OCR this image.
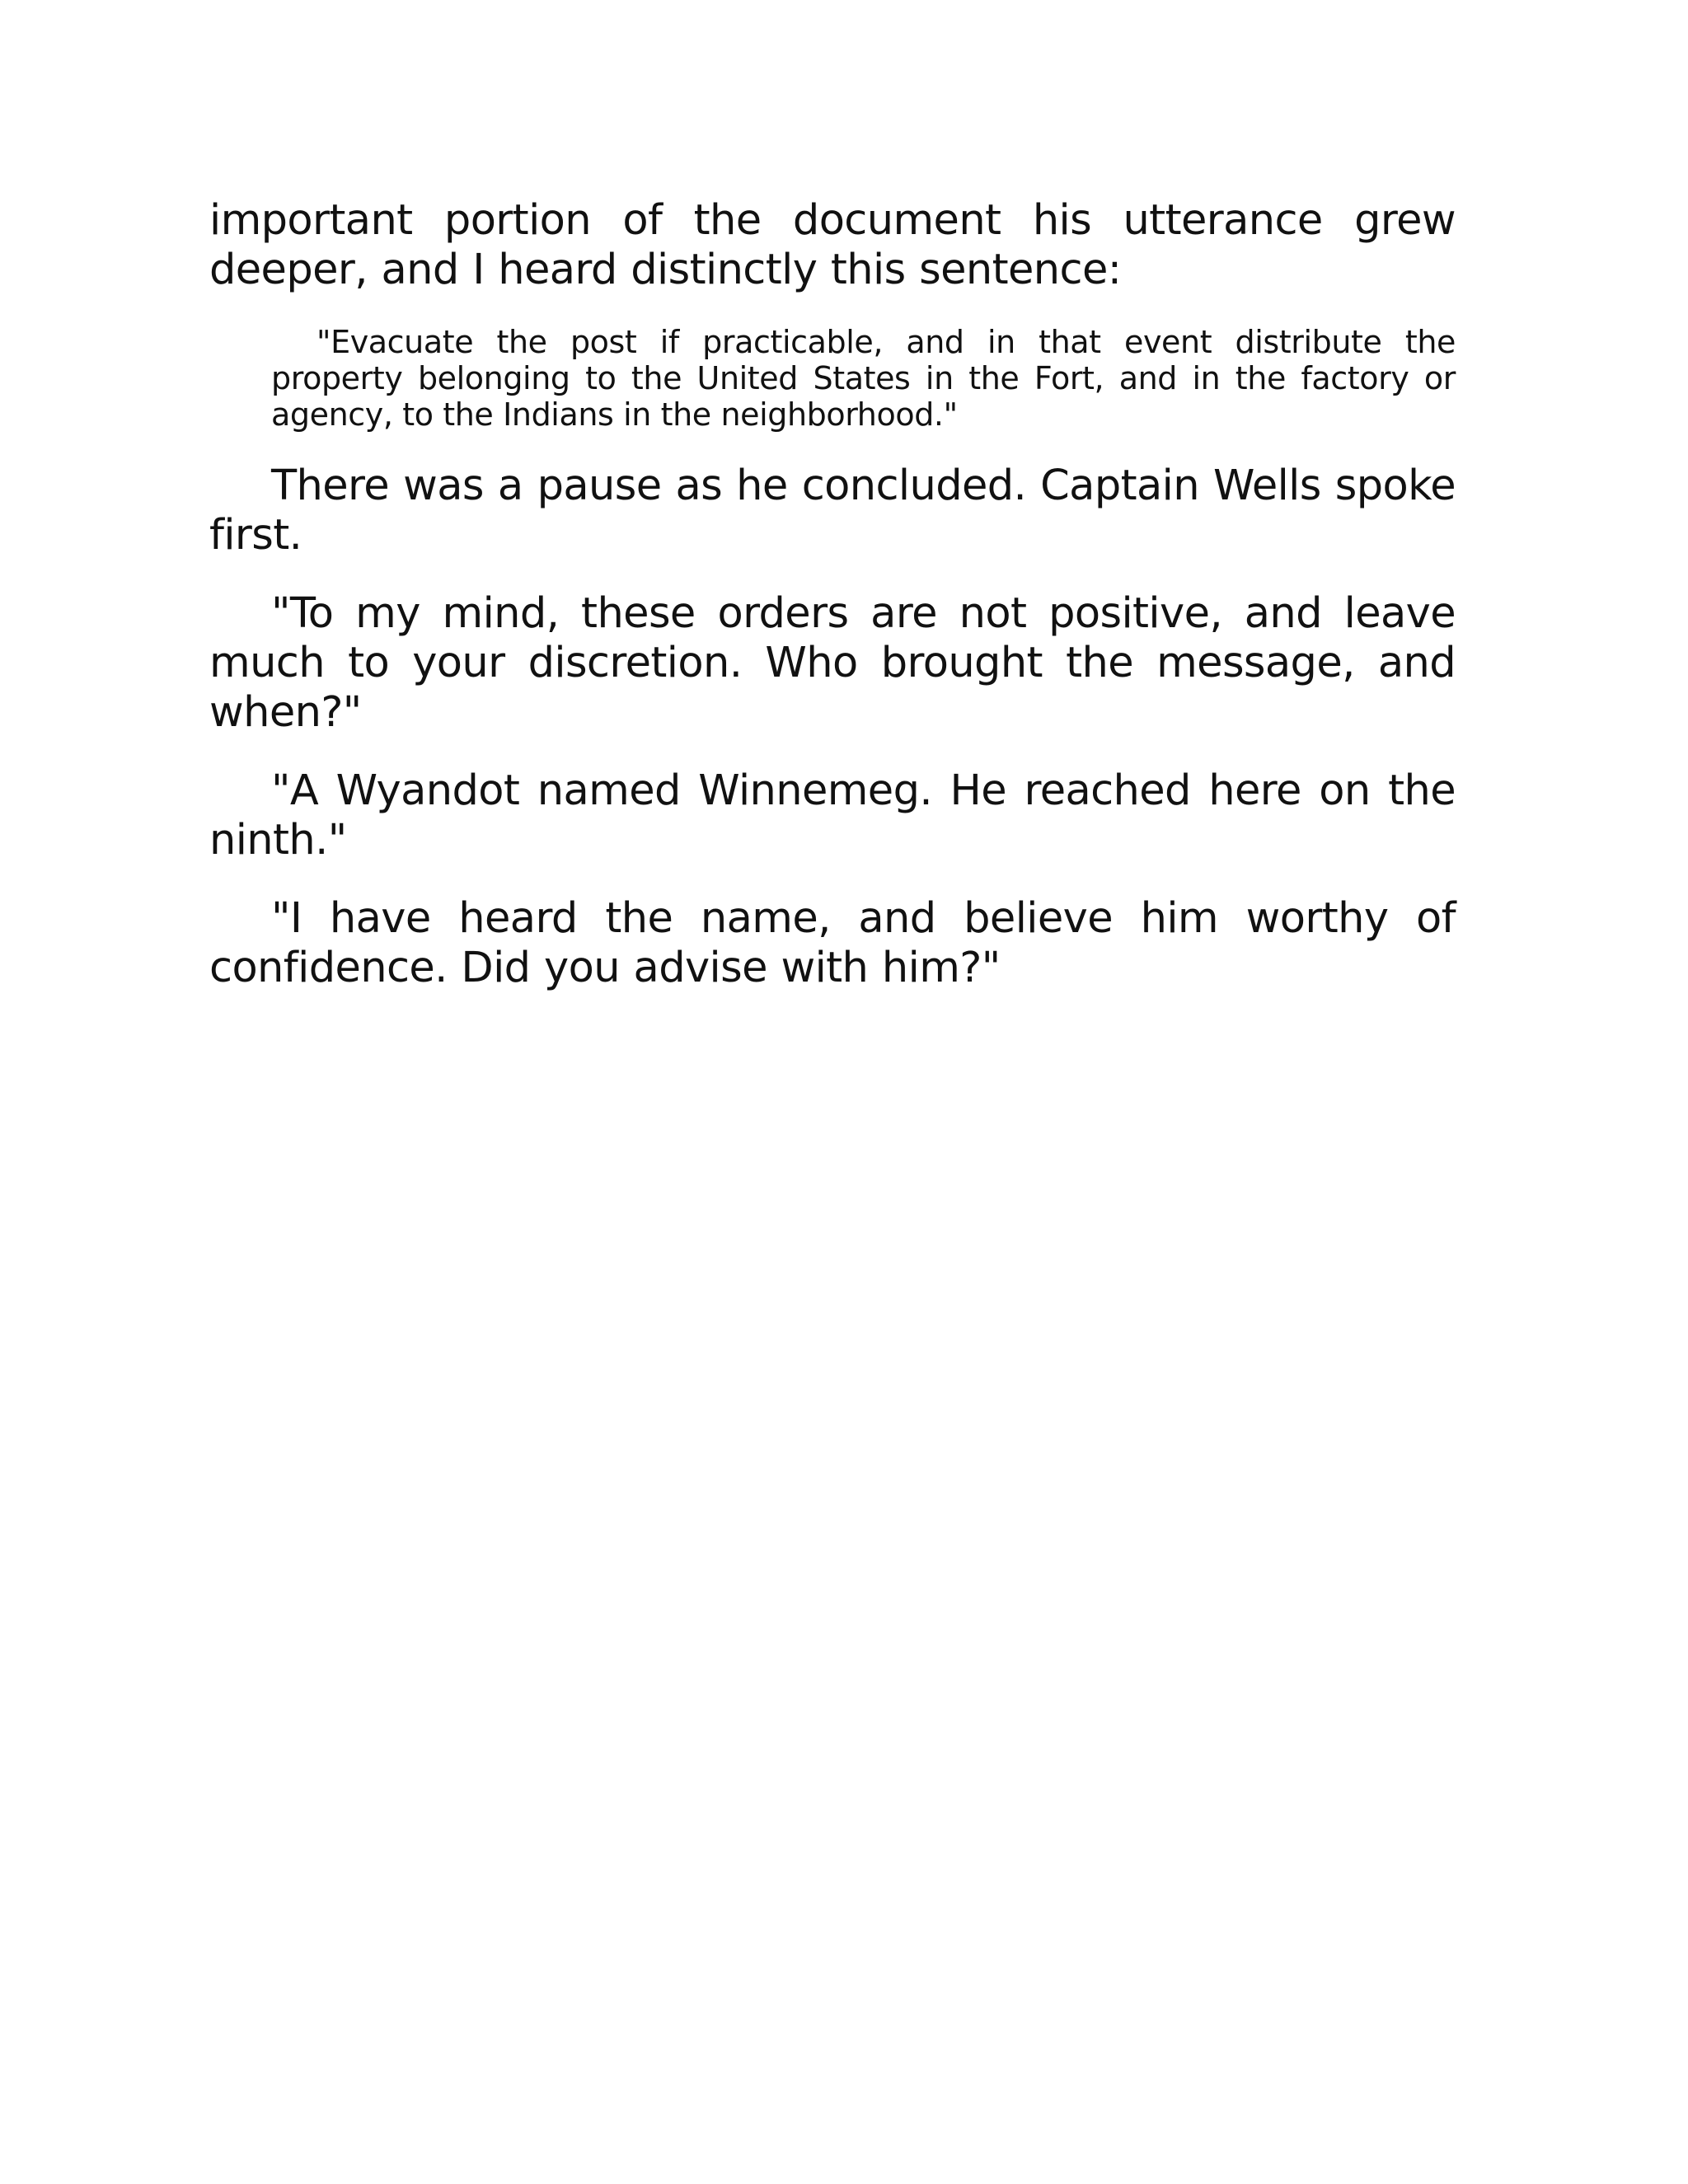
important portion of the document his utterance grew deeper, and I heard distinctly this sentence:

"Evacuate the post if practicable, and in that event distribute the property belonging to the United States in the Fort, and in the factory or agency, to the Indians in the neighborhood."

There was a pause as he concluded. Captain Wells spoke first.

"To my mind, these orders are not positive, and leave much to your discretion. Who brought the message, and when?"

"A Wyandot named Winnemeg. He reached here on the ninth."

"I have heard the name, and believe him worthy of confidence. Did you advise with him?"
